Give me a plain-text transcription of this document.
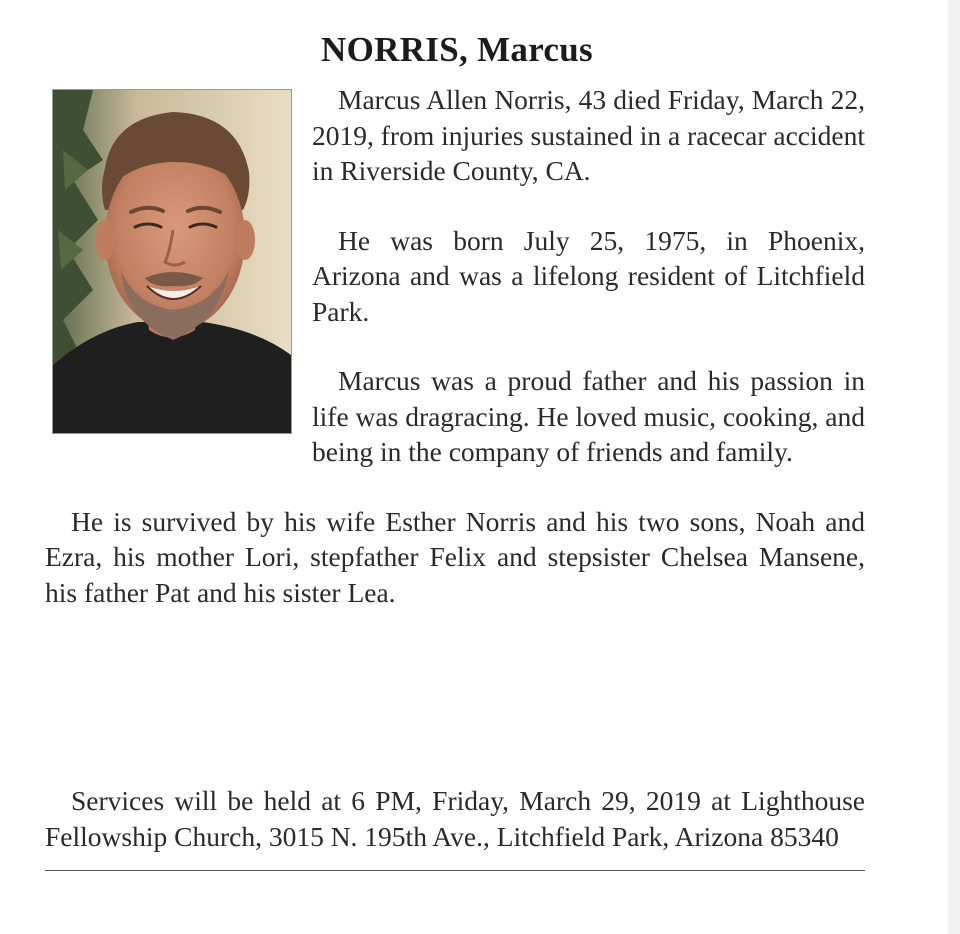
NORRIS, Marcus

Marcus Allen Norris, 43 died Friday, March 22, 2019, from injuries sustained in a racecar accident in Riverside County, CA.

He was born July 25, 1975, in Phoenix, Arizona and was a lifelong resident of Litchfield Park.

Marcus was a proud father and his passion in life was dragracing. He loved music, cooking, and being in the company of friends and family.

He is survived by his wife Esther Norris and his two sons, Noah and Ezra, his mother Lori, stepfather Felix and stepsister Chelsea Mansene, his father Pat and his sister Lea.

Services will be held at 6 PM, Friday, March 29, 2019 at Lighthouse Fellowship Church, 3015 N. 195th Ave., Litchfield Park, Arizona 85340
